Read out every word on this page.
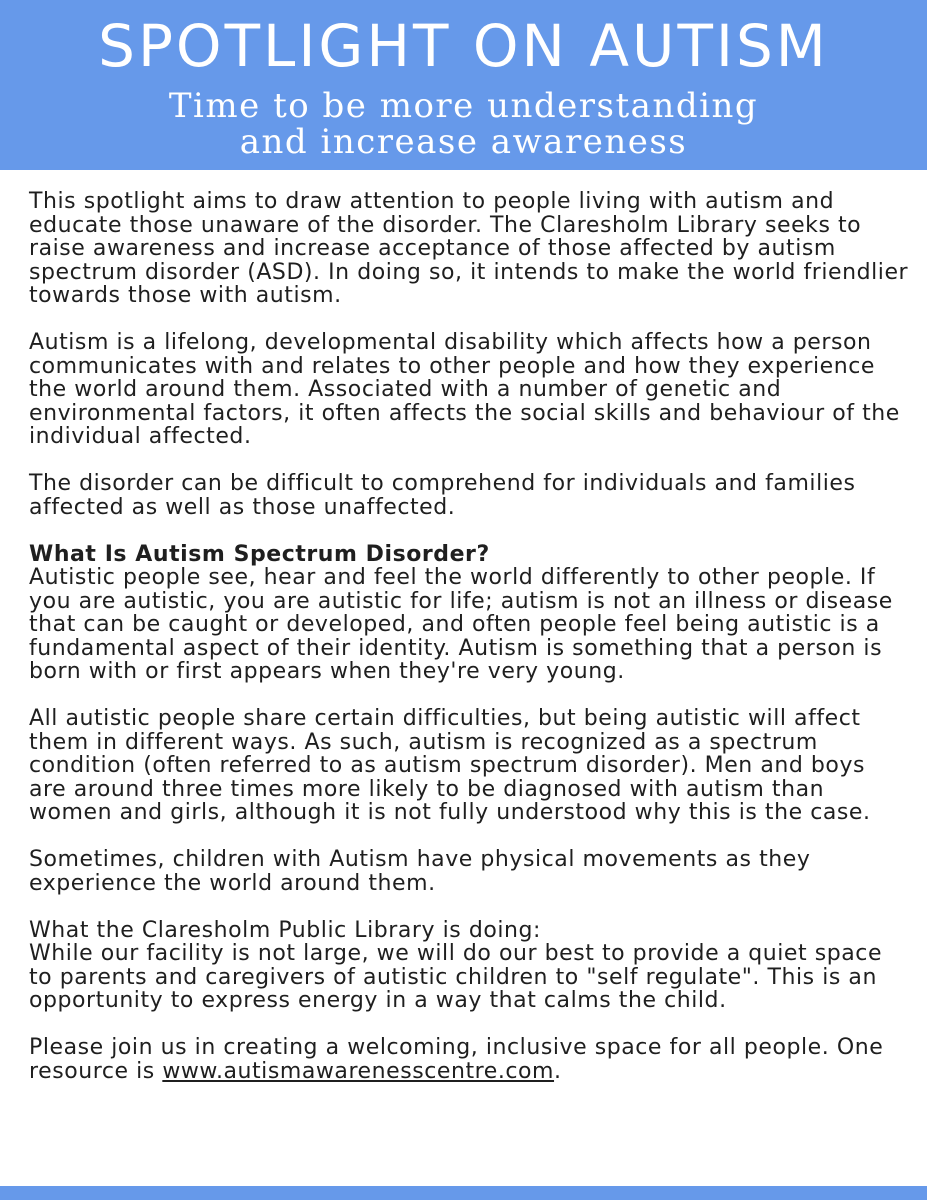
SPOTLIGHT ON AUTISM
Time to be more understanding
and increase awareness

This spotlight aims to draw attention to people living with autism and educate those unaware of the disorder. The Claresholm Library seeks to raise awareness and increase acceptance of those affected by autism spectrum disorder (ASD). In doing so, it intends to make the world friendlier towards those with autism.

Autism is a lifelong, developmental disability which affects how a person communicates with and relates to other people and how they experience the world around them. Associated with a number of genetic and environmental factors, it often affects the social skills and behaviour of the individual affected.

The disorder can be difficult to comprehend for individuals and families affected as well as those unaffected.

What Is Autism Spectrum Disorder?
Autistic people see, hear and feel the world differently to other people. If you are autistic, you are autistic for life; autism is not an illness or disease that can be caught or developed, and often people feel being autistic is a fundamental aspect of their identity. Autism is something that a person is born with or first appears when they're very young.

All autistic people share certain difficulties, but being autistic will affect them in different ways. As such, autism is recognized as a spectrum condition (often referred to as autism spectrum disorder). Men and boys are around three times more likely to be diagnosed with autism than women and girls, although it is not fully understood why this is the case.

Sometimes, children with Autism have physical movements as they experience the world around them.

What the Claresholm Public Library is doing:
While our facility is not large, we will do our best to provide a quiet space to parents and caregivers of autistic children to "self regulate". This is an opportunity to express energy in a way that calms the child.

Please join us in creating a welcoming, inclusive space for all people. One resource is www.autismawarenesscentre.com.
